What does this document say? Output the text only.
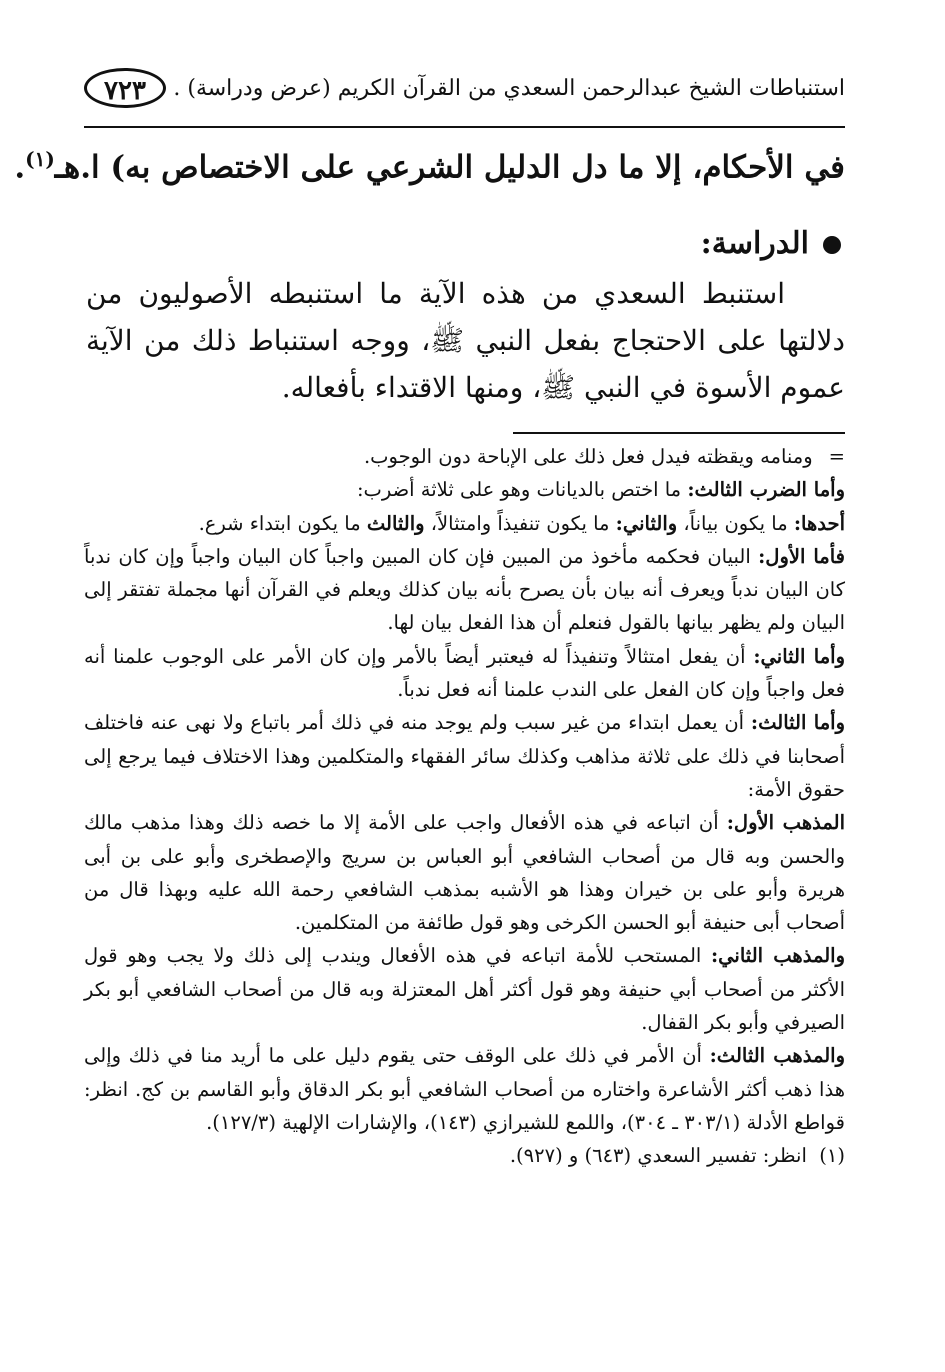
استنباطات الشيخ عبدالرحمن السعدي من القرآن الكريم (عرض ودراسة) .
٧٢٣
في الأحكام، إلا ما دل الدليل الشرعي على الاختصاص به) ا.هـ$^{(١)}$.
الدراسة:

استنبط السعدي من هذه الآية ما استنبطه الأصوليون من دلالتها على الاحتجاج بفعل النبي ﷺ، ووجه استنباط ذلك من الآية عموم الأسوة في النبي ﷺ، ومنها الاقتداء بأفعاله.

=ومنامه ويقظته فيدل فعل ذلك على الإباحة دون الوجوب.

وأما الضرب الثالث: ما اختص بالديانات وهو على ثلاثة أضرب:

أحدها: ما يكون بياناً، والثاني: ما يكون تنفيذاً وامتثالاً، والثالث ما يكون ابتداء شرع.

فأما الأول: البيان فحكمه مأخوذ من المبين فإن كان المبين واجباً كان البيان واجباً وإن كان ندباً كان البيان ندباً ويعرف أنه بيان بأن يصرح بأنه بيان كذلك ويعلم في القرآن أنها مجملة تفتقر إلى البيان ولم يظهر بيانها بالقول فنعلم أن هذا الفعل بيان لها.

وأما الثاني: أن يفعل امتثالاً وتنفيذاً له فيعتبر أيضاً بالأمر وإن كان الأمر على الوجوب علمنا أنه فعل واجباً وإن كان الفعل على الندب علمنا أنه فعل ندباً.

وأما الثالث: أن يعمل ابتداء من غير سبب ولم يوجد منه في ذلك أمر باتباع ولا نهى عنه فاختلف أصحابنا في ذلك على ثلاثة مذاهب وكذلك سائر الفقهاء والمتكلمين وهذا الاختلاف فيما يرجع إلى حقوق الأمة:

المذهب الأول: أن اتباعه في هذه الأفعال واجب على الأمة إلا ما خصه ذلك وهذا مذهب مالك والحسن وبه قال من أصحاب الشافعي أبو العباس بن سريج والإصطخرى وأبو على بن أبى هريرة وأبو على بن خيران وهذا هو الأشبه بمذهب الشافعي رحمة الله عليه وبهذا قال من أصحاب أبى حنيفة أبو الحسن الكرخى وهو قول طائفة من المتكلمين.

والمذهب الثاني: المستحب للأمة اتباعه في هذه الأفعال ويندب إلى ذلك ولا يجب وهو قول الأكثر من أصحاب أبي حنيفة وهو قول أكثر أهل المعتزلة وبه قال من أصحاب الشافعي أبو بكر الصيرفي وأبو بكر القفال.

والمذهب الثالث: أن الأمر في ذلك على الوقف حتى يقوم دليل على ما أريد منا في ذلك وإلى هذا ذهب أكثر الأشاعرة واختاره من أصحاب الشافعي أبو بكر الدقاق وأبو القاسم بن كج. انظر: قواطع الأدلة (٣٠٣/١ ـ ٣٠٤)، واللمع للشيرازي (١٤٣)، والإشارات الإلهية (١٢٧/٣).

(١)  انظر: تفسير السعدي (٦٤٣) و (٩٢٧).
